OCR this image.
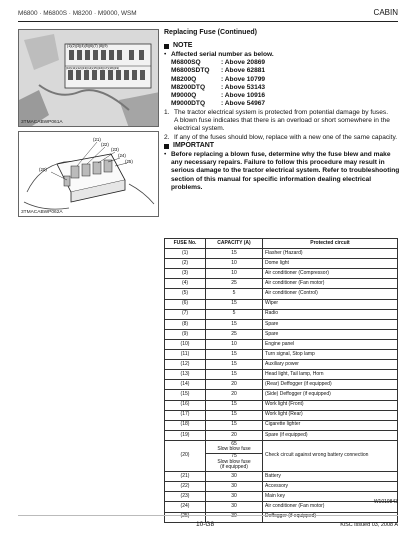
M6800 · M6800S · M8200 · M9000, WSM	CABIN
(1)(2)(3)(4)(5)(6)(7) (8)(9)
(10)(11)(12)(13)(14)(15)(16)(17)(18)(19)
3TMACABWP061A
(20)
(21)
(22)
(23)
(24)
(25)
3TMACABWP062A
Replacing Fuse (Continued)
NOTE
• Affected serial number as below.
M6800SQ	: Above 20869
M6800SDTQ	: Above 62881
M8200Q	: Above 10799
M8200DTQ	: Above 53143
M9000Q	: Above 10916
M9000DTQ	: Above 54967
1. The tractor electrical system is protected from potential damage by fuses.
A blown fuse indicates that there is an overload or short somewhere in the electrical system.
2. If any of the fuses should blow, replace with a new one of the same capacity.
IMPORTANT
• Before replacing a blown fuse, determine why the fuse blew and make any necessary repairs. Failure to follow this procedure may result in serious damage to the tractor electrical system. Refer to troubleshooting section of this manual for specific information dealing electrical problems.
FUSE No.	CAPACITY (A)	Protected circuit
(1)	15	Flasher (Hazard)
(2)	10	Dome light
(3)	10	Air conditioner (Compressor)
(4)	25	Air conditioner (Fan motor)
(5)	5	Air conditioner (Control)
(6)	15	Wiper
(7)	5	Radio
(8)	15	Spare
(9)	25	Spare
(10)	10	Engine panel
(11)	15	Turn signal, Stop lamp
(12)	15	Auxiliary power
(13)	15	Head light, Tail lamp, Horn
(14)	20	(Rear) Deffogger (if equipped)
(15)	20	(Side) Deffogger (if equipped)
(16)	15	Work light (Front)
(17)	15	Work light (Rear)
(18)	15	Cigarette lighter
(19)	20	Spare (if equipped)
(20)	65
Slow blow fuse
75
Slow blow fuse
(if equipped)	Check circuit against wrong battery connection
(21)	30	Battery
(22)	30	Accessory
(23)	30	Main key
(24)	30	Air conditioner (Fan motor)
(25)	30	Deffogger (if equipped)
W1019843
10-G8	KiSC issued 03, 2008 A
